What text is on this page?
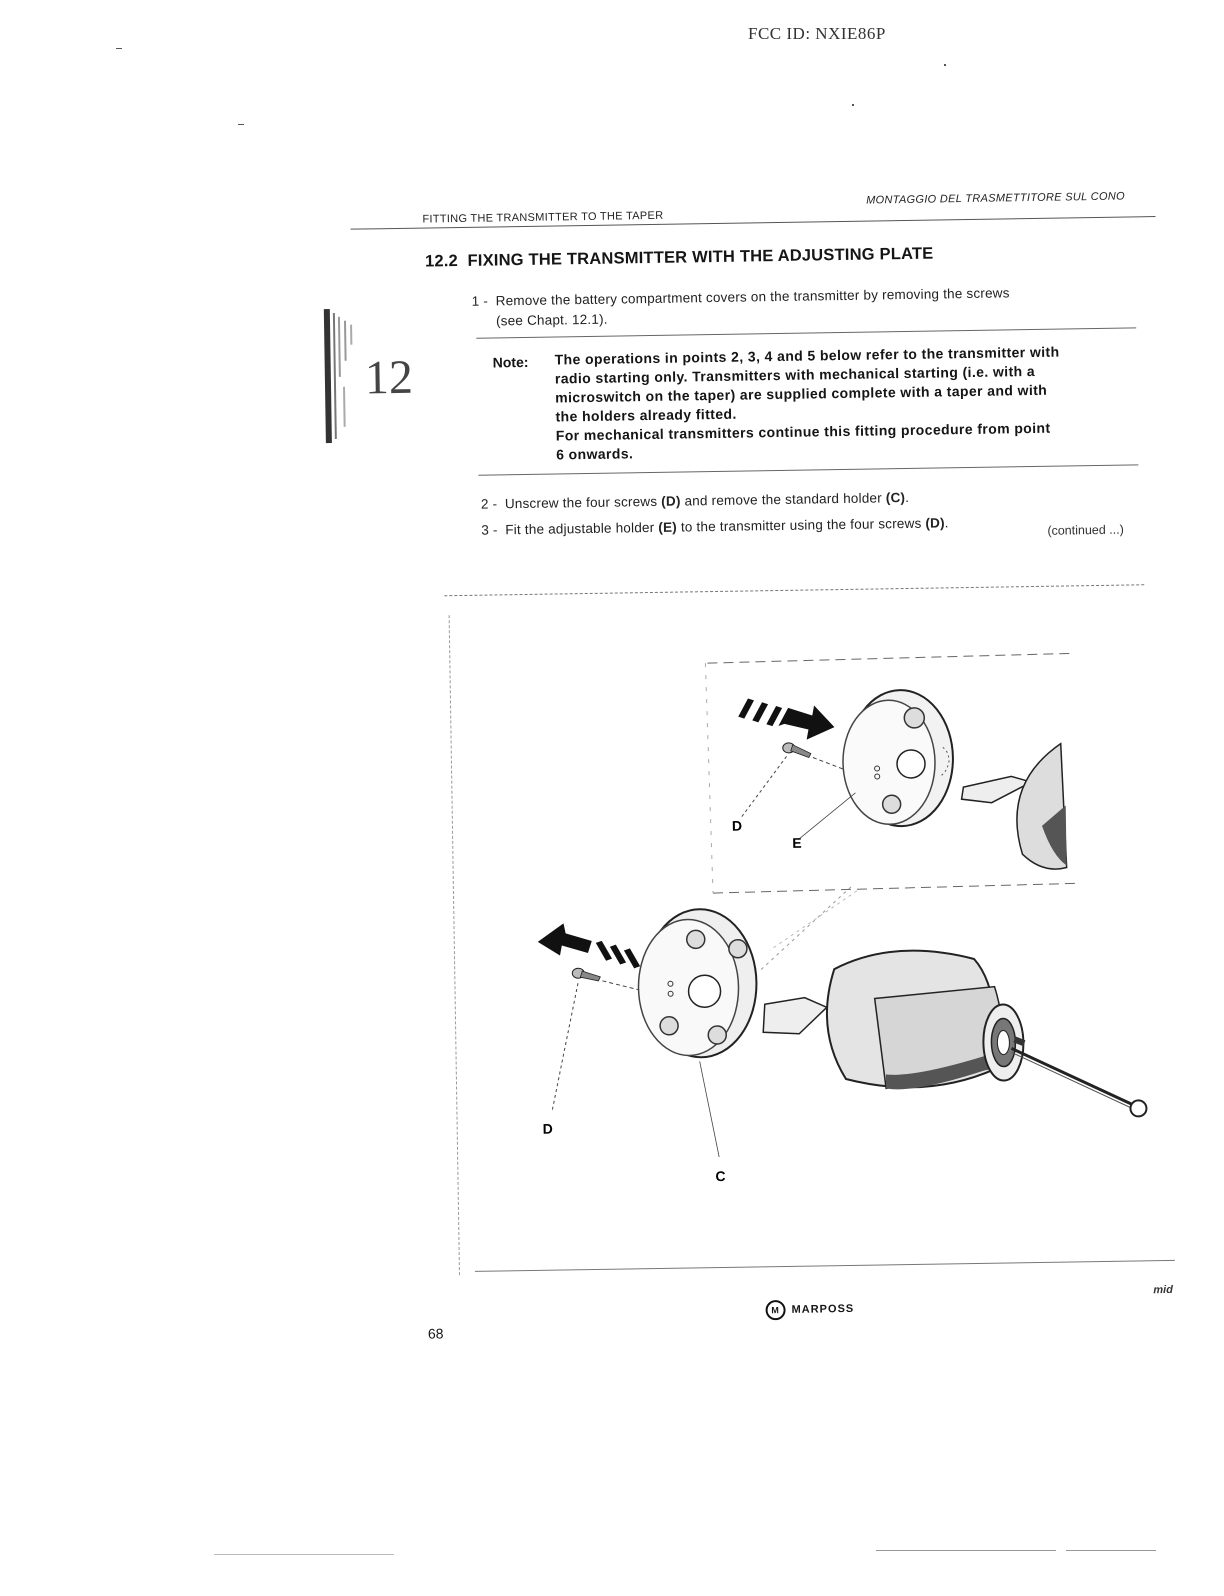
FCC ID: NXIE86P
FITTING THE TRANSMITTER TO THE TAPER
MONTAGGIO DEL TRASMETTITORE SUL CONO
12
12.2 FIXING THE TRANSMITTER WITH THE ADJUSTING PLATE
1 - Remove the battery compartment covers on the transmitter by removing the screws
(see Chapt. 12.1).
Note: The operations in points 2, 3, 4 and 5 below refer to the transmitter with
radio starting only. Transmitters with mechanical starting (i.e. with a
microswitch on the taper) are supplied complete with a taper and with
the holders already fitted.
For mechanical transmitters continue this fitting procedure from point
6 onwards.
2 - Unscrew the four screws (D) and remove the standard holder (C).
3 - Fit the adjustable holder (E) to the transmitter using the four screws (D).	(continued ...)
D
E
D
C
68
M	MARPOSS
mid
